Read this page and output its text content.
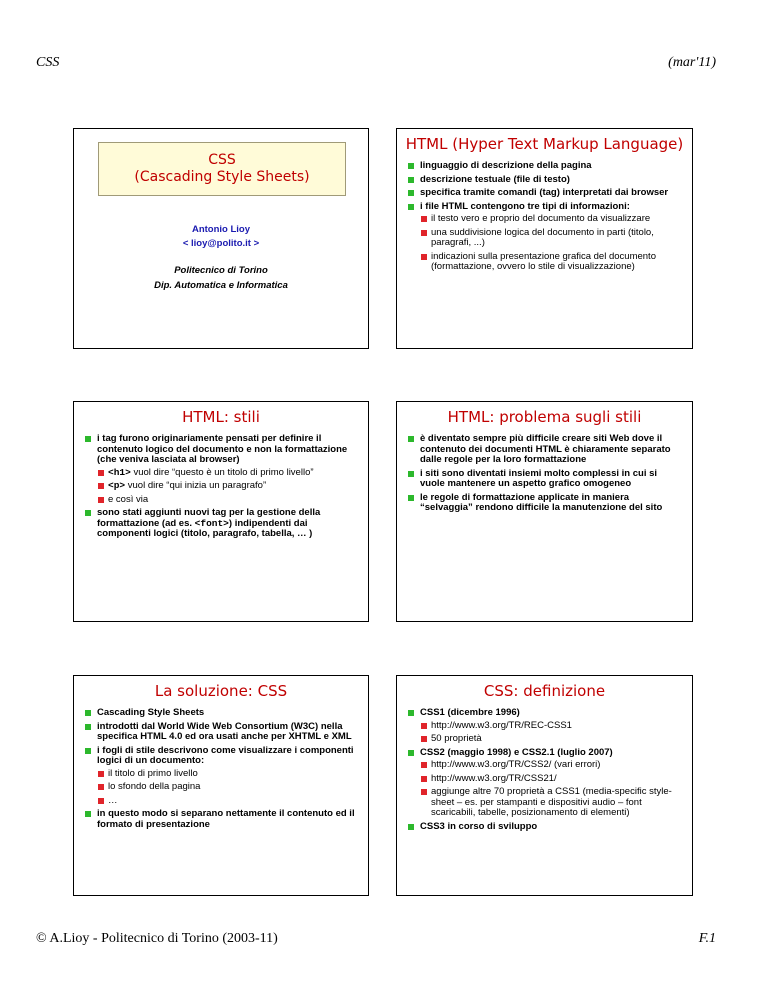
CSS	(mar'11)
CSS
(Cascading Style Sheets)
Antonio Lioy
< lioy@polito.it >
Politecnico di Torino
Dip. Automatica e Informatica
HTML (Hyper Text Markup Language)
linguaggio di descrizione della pagina
descrizione testuale (file di testo)
specifica tramite comandi (tag) interpretati dai browser
i file HTML contengono tre tipi di informazioni:
il testo vero e proprio del documento da visualizzare
una suddivisione logica del documento in parti (titolo, paragrafi, ...)
indicazioni sulla presentazione grafica del documento (formattazione, ovvero lo stile di visualizzazione)
HTML: stili
i tag furono originariamente pensati per definire il contenuto logico del documento e non la formattazione (che veniva lasciata al browser)
<h1> vuol dire “questo è un titolo di primo livello”
<p> vuol dire “qui inizia un paragrafo”
e così via
sono stati aggiunti nuovi tag per la gestione della formattazione (ad es. <font>) indipendenti dai componenti logici (titolo, paragrafo, tabella, … )
HTML: problema sugli stili
è diventato sempre più difficile creare siti Web dove il contenuto dei documenti HTML è chiaramente separato dalle regole per la loro formattazione
i siti sono diventati insiemi molto complessi in cui si vuole mantenere un aspetto grafico omogeneo
le regole di formattazione applicate in maniera “selvaggia” rendono difficile la manutenzione del sito
La soluzione: CSS
Cascading Style Sheets
introdotti dal World Wide Web Consortium (W3C) nella specifica HTML 4.0 ed ora usati anche per XHTML e XML
i fogli di stile descrivono come visualizzare i componenti logici di un documento:
il titolo di primo livello
lo sfondo della pagina
…
in questo modo si separano nettamente il contenuto ed il formato di presentazione
CSS: definizione
CSS1 (dicembre 1996)
http://www.w3.org/TR/REC-CSS1
50 proprietà
CSS2 (maggio 1998) e CSS2.1 (luglio 2007)
http://www.w3.org/TR/CSS2/ (vari errori)
http://www.w3.org/TR/CSS21/
aggiunge altre 70 proprietà a CSS1 (media-specific style-sheet – es. per stampanti e dispositivi audio – font scaricabili, tabelle, posizionamento di elementi)
CSS3 in corso di sviluppo
© A.Lioy - Politecnico di Torino (2003-11)	F.1
